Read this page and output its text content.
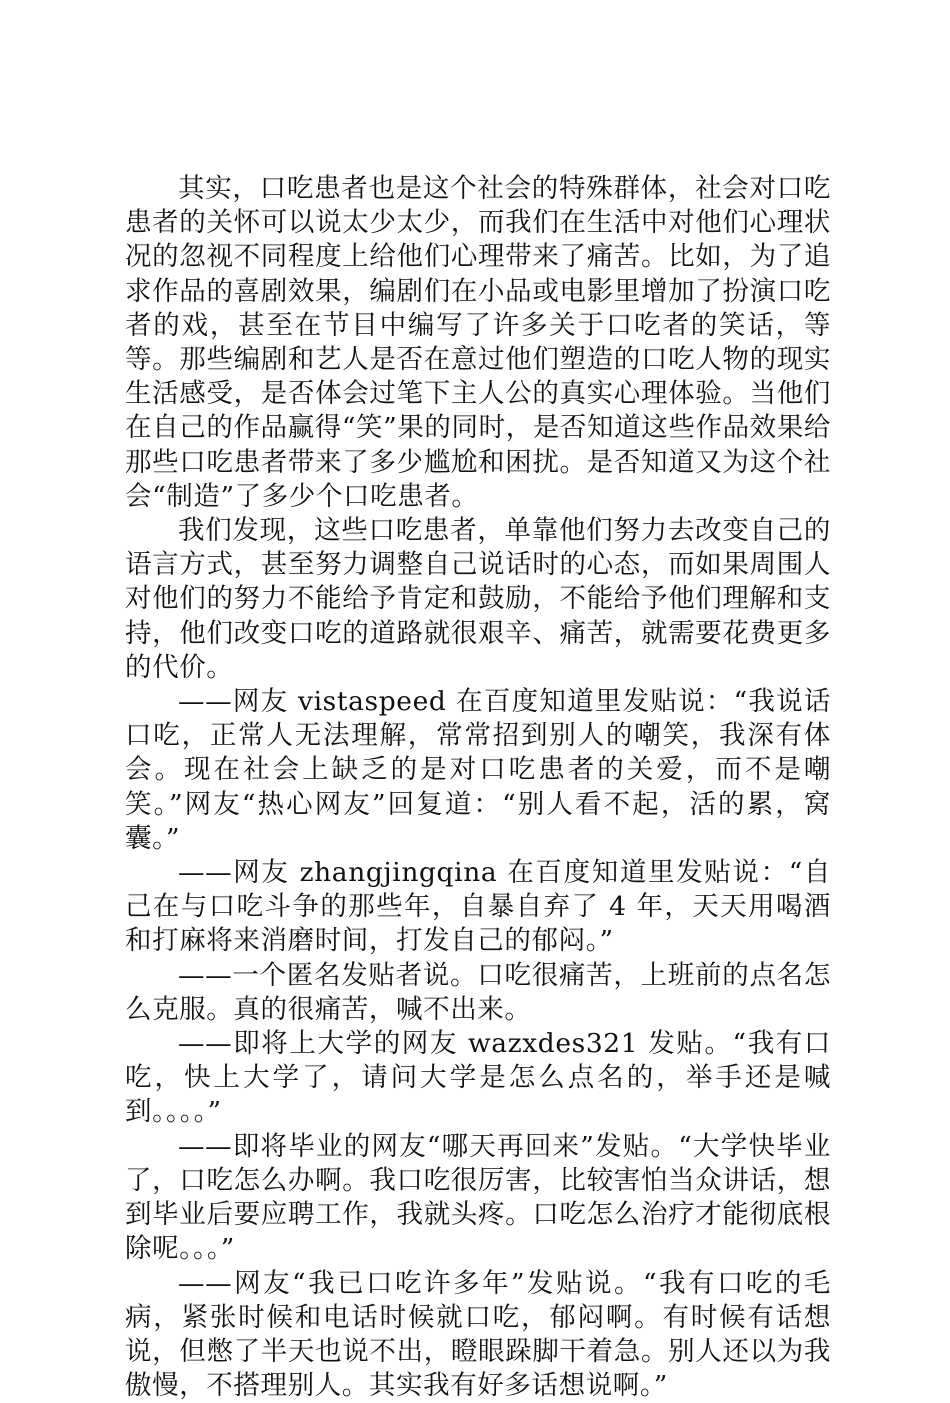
其实，口吃患者也是这个社会的特殊群体，社会对口吃患者的关怀可以说太少太少，而我们在生活中对他们心理状况的忽视不同程度上给他们心理带来了痛苦。比如，为了追求作品的喜剧效果，编剧们在小品或电影里增加了扮演口吃者的戏，甚至在节目中编写了许多关于口吃者的笑话，等等。那些编剧和艺人是否在意过他们塑造的口吃人物的现实生活感受，是否体会过笔下主人公的真实心理体验。当他们在自己的作品赢得“笑”果的同时，是否知道这些作品效果给那些口吃患者带来了多少尴尬和困扰。是否知道又为这个社会“制造”了多少个口吃患者。

我们发现，这些口吃患者，单靠他们努力去改变自己的语言方式，甚至努力调整自己说话时的心态，而如果周围人对他们的努力不能给予肯定和鼓励，不能给予他们理解和支持，他们改变口吃的道路就很艰辛、痛苦，就需要花费更多的代价。

——网友 vistaspeed 在百度知道里发贴说：“我说话口吃，正常人无法理解，常常招到别人的嘲笑，我深有体会。现在社会上缺乏的是对口吃患者的关爱，而不是嘲笑。”网友“热心网友”回复道：“别人看不起，活的累，窝囊。”

——网友 zhangjingqina 在百度知道里发贴说：“自己在与口吃斗争的那些年，自暴自弃了 4 年，天天用喝酒和打麻将来消磨时间，打发自己的郁闷。”

——一个匿名发贴者说。口吃很痛苦，上班前的点名怎么克服。真的很痛苦，喊不出来。

——即将上大学的网友 wazxdes321 发贴。“我有口吃，快上大学了，请问大学是怎么点名的，举手还是喊到。。。。”

——即将毕业的网友“哪天再回来”发贴。“大学快毕业了，口吃怎么办啊。我口吃很厉害，比较害怕当众讲话，想到毕业后要应聘工作，我就头疼。口吃怎么治疗才能彻底根除呢。。。”

——网友“我已口吃许多年”发贴说。“我有口吃的毛病，紧张时候和电话时候就口吃，郁闷啊。有时候有话想说，但憋了半天也说不出，瞪眼跺脚干着急。别人还以为我傲慢，不搭理别人。其实我有好多话想说啊。”
